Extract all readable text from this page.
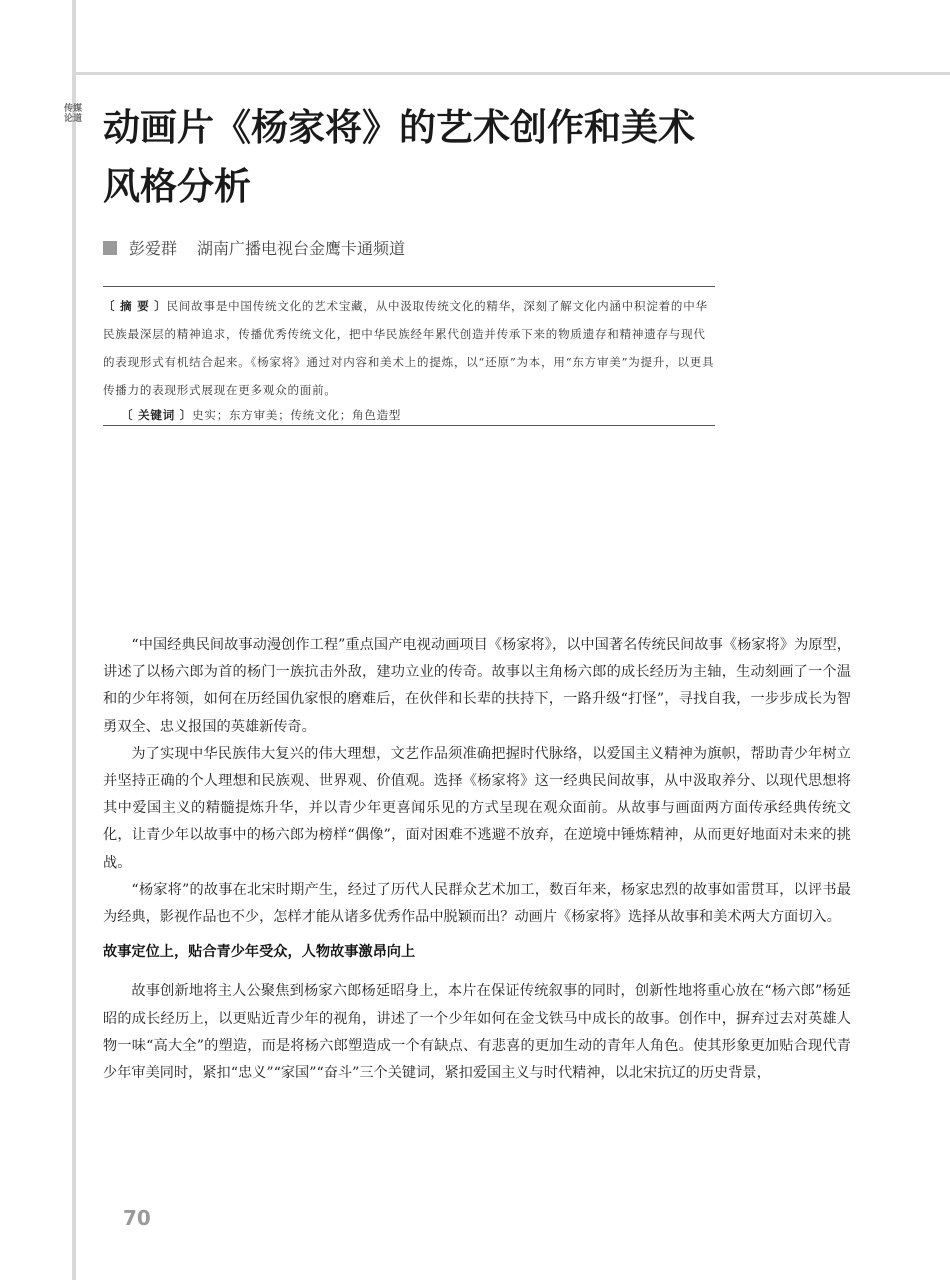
传媒论道 动画片《杨家将》的艺术创作和美术
风格分析
彭爱群 湖南广播电视台金鹰卡通频道

〔 摘 要 〕民间故事是中国传统文化的艺术宝藏，从中汲取传统文化的精华，深刻了解文化内涵中积淀着的中华民族最深层的精神追求，传播优秀传统文化，把中华民族经年累代创造并传承下来的物质遗存和精神遗存与现代的表现形式有机结合起来。《杨家将》通过对内容和美术上的提炼，以“还原”为本，用“东方审美”为提升，以更具传播力的表现形式展现在更多观众的面前。

〔 关键词 〕史实；东方审美；传统文化；角色造型

“中国经典民间故事动漫创作工程”重点国产电视动画项目《杨家将》，以中国著名传统民间故事《杨家将》为原型，讲述了以杨六郎为首的杨门一族抗击外敌，建功立业的传奇。故事以主角杨六郎的成长经历为主轴，生动刻画了一个温和的少年将领，如何在历经国仇家恨的磨难后，在伙伴和长辈的扶持下，一路升级“打怪”，寻找自我，一步步成长为智勇双全、忠义报国的英雄新传奇。

为了实现中华民族伟大复兴的伟大理想，文艺作品须准确把握时代脉络，以爱国主义精神为旗帜，帮助青少年树立并坚持正确的个人理想和民族观、世界观、价值观。选择《杨家将》这一经典民间故事，从中汲取养分、以现代思想将其中爱国主义的精髓提炼升华，并以青少年更喜闻乐见的方式呈现在观众面前。从故事与画面两方面传承经典传统文化，让青少年以故事中的杨六郎为榜样“偶像”，面对困难不逃避不放弃，在逆境中锤炼精神，从而更好地面对未来的挑战。

“杨家将”的故事在北宋时期产生，经过了历代人民群众艺术加工，数百年来，杨家忠烈的故事如雷贯耳，以评书最为经典，影视作品也不少，怎样才能从诸多优秀作品中脱颖而出？动画片《杨家将》选择从故事和美术两大方面切入。

故事定位上，贴合青少年受众，人物故事激昂向上

故事创新地将主人公聚焦到杨家六郎杨延昭身上，本片在保证传统叙事的同时，创新性地将重心放在“杨六郎”杨延昭的成长经历上，以更贴近青少年的视角，讲述了一个少年如何在金戈铁马中成长的故事。创作中，摒弃过去对英雄人物一味“高大全”的塑造，而是将杨六郎塑造成一个有缺点、有悲喜的更加生动的青年人角色。使其形象更加贴合现代青少年审美同时，紧扣“忠义”“家国”“奋斗”三个关键词，紧扣爱国主义与时代精神，以北宋抗辽的历史背景，

70
